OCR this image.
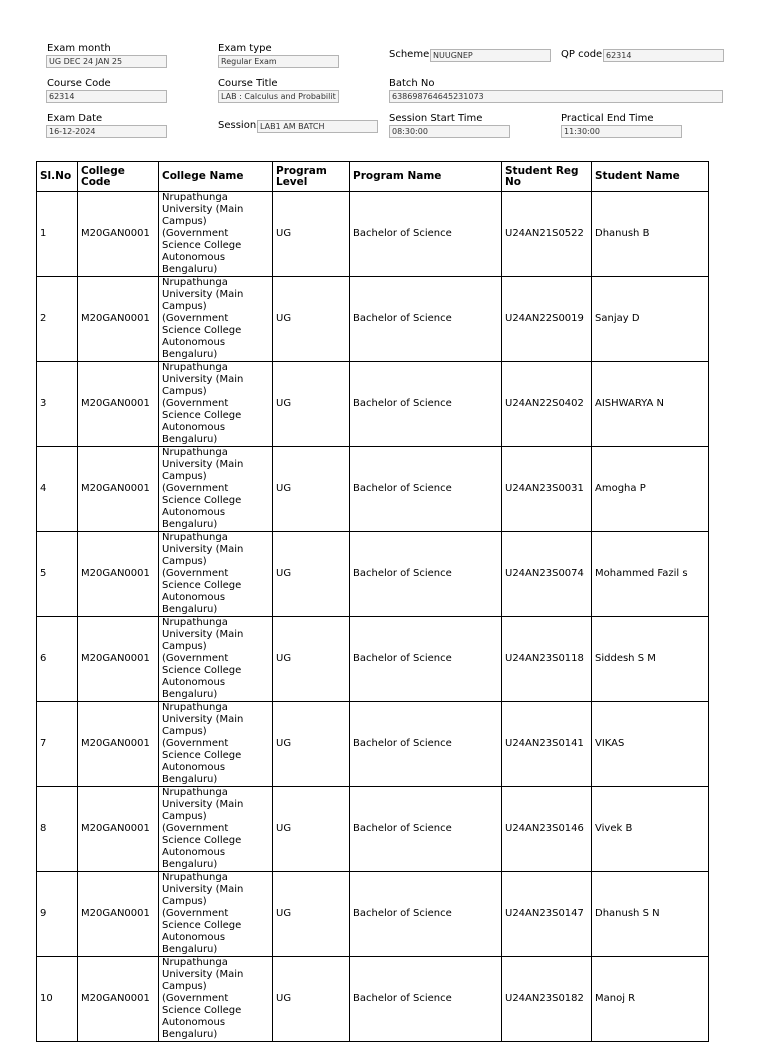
Exam month
UG DEC 24 JAN 25
Exam type
Regular Exam
Scheme NUUGNEP	QP code 62314
Course Code
62314
Course Title
LAB : Calculus and Probabilit
Batch No
638698764645231073
Exam Date
16-12-2024
Session LAB1 AM BATCH
Session Start Time
08:30:00
Practical End Time
11:30:00
Sl.No	College Code	College Name	Program Level	Program Name	Student Reg No	Student Name
1	M20GAN0001	Nrupathunga University (Main Campus) (Government Science College Autonomous Bengaluru)	UG	Bachelor of Science	U24AN21S0522	Dhanush B
2	M20GAN0001	Nrupathunga University (Main Campus) (Government Science College Autonomous Bengaluru)	UG	Bachelor of Science	U24AN22S0019	Sanjay D
3	M20GAN0001	Nrupathunga University (Main Campus) (Government Science College Autonomous Bengaluru)	UG	Bachelor of Science	U24AN22S0402	AISHWARYA N
4	M20GAN0001	Nrupathunga University (Main Campus) (Government Science College Autonomous Bengaluru)	UG	Bachelor of Science	U24AN23S0031	Amogha P
5	M20GAN0001	Nrupathunga University (Main Campus) (Government Science College Autonomous Bengaluru)	UG	Bachelor of Science	U24AN23S0074	Mohammed Fazil s
6	M20GAN0001	Nrupathunga University (Main Campus) (Government Science College Autonomous Bengaluru)	UG	Bachelor of Science	U24AN23S0118	Siddesh S M
7	M20GAN0001	Nrupathunga University (Main Campus) (Government Science College Autonomous Bengaluru)	UG	Bachelor of Science	U24AN23S0141	VIKAS
8	M20GAN0001	Nrupathunga University (Main Campus) (Government Science College Autonomous Bengaluru)	UG	Bachelor of Science	U24AN23S0146	Vivek B
9	M20GAN0001	Nrupathunga University (Main Campus) (Government Science College Autonomous Bengaluru)	UG	Bachelor of Science	U24AN23S0147	Dhanush S N
10	M20GAN0001	Nrupathunga University (Main Campus) (Government Science College Autonomous Bengaluru)	UG	Bachelor of Science	U24AN23S0182	Manoj R
